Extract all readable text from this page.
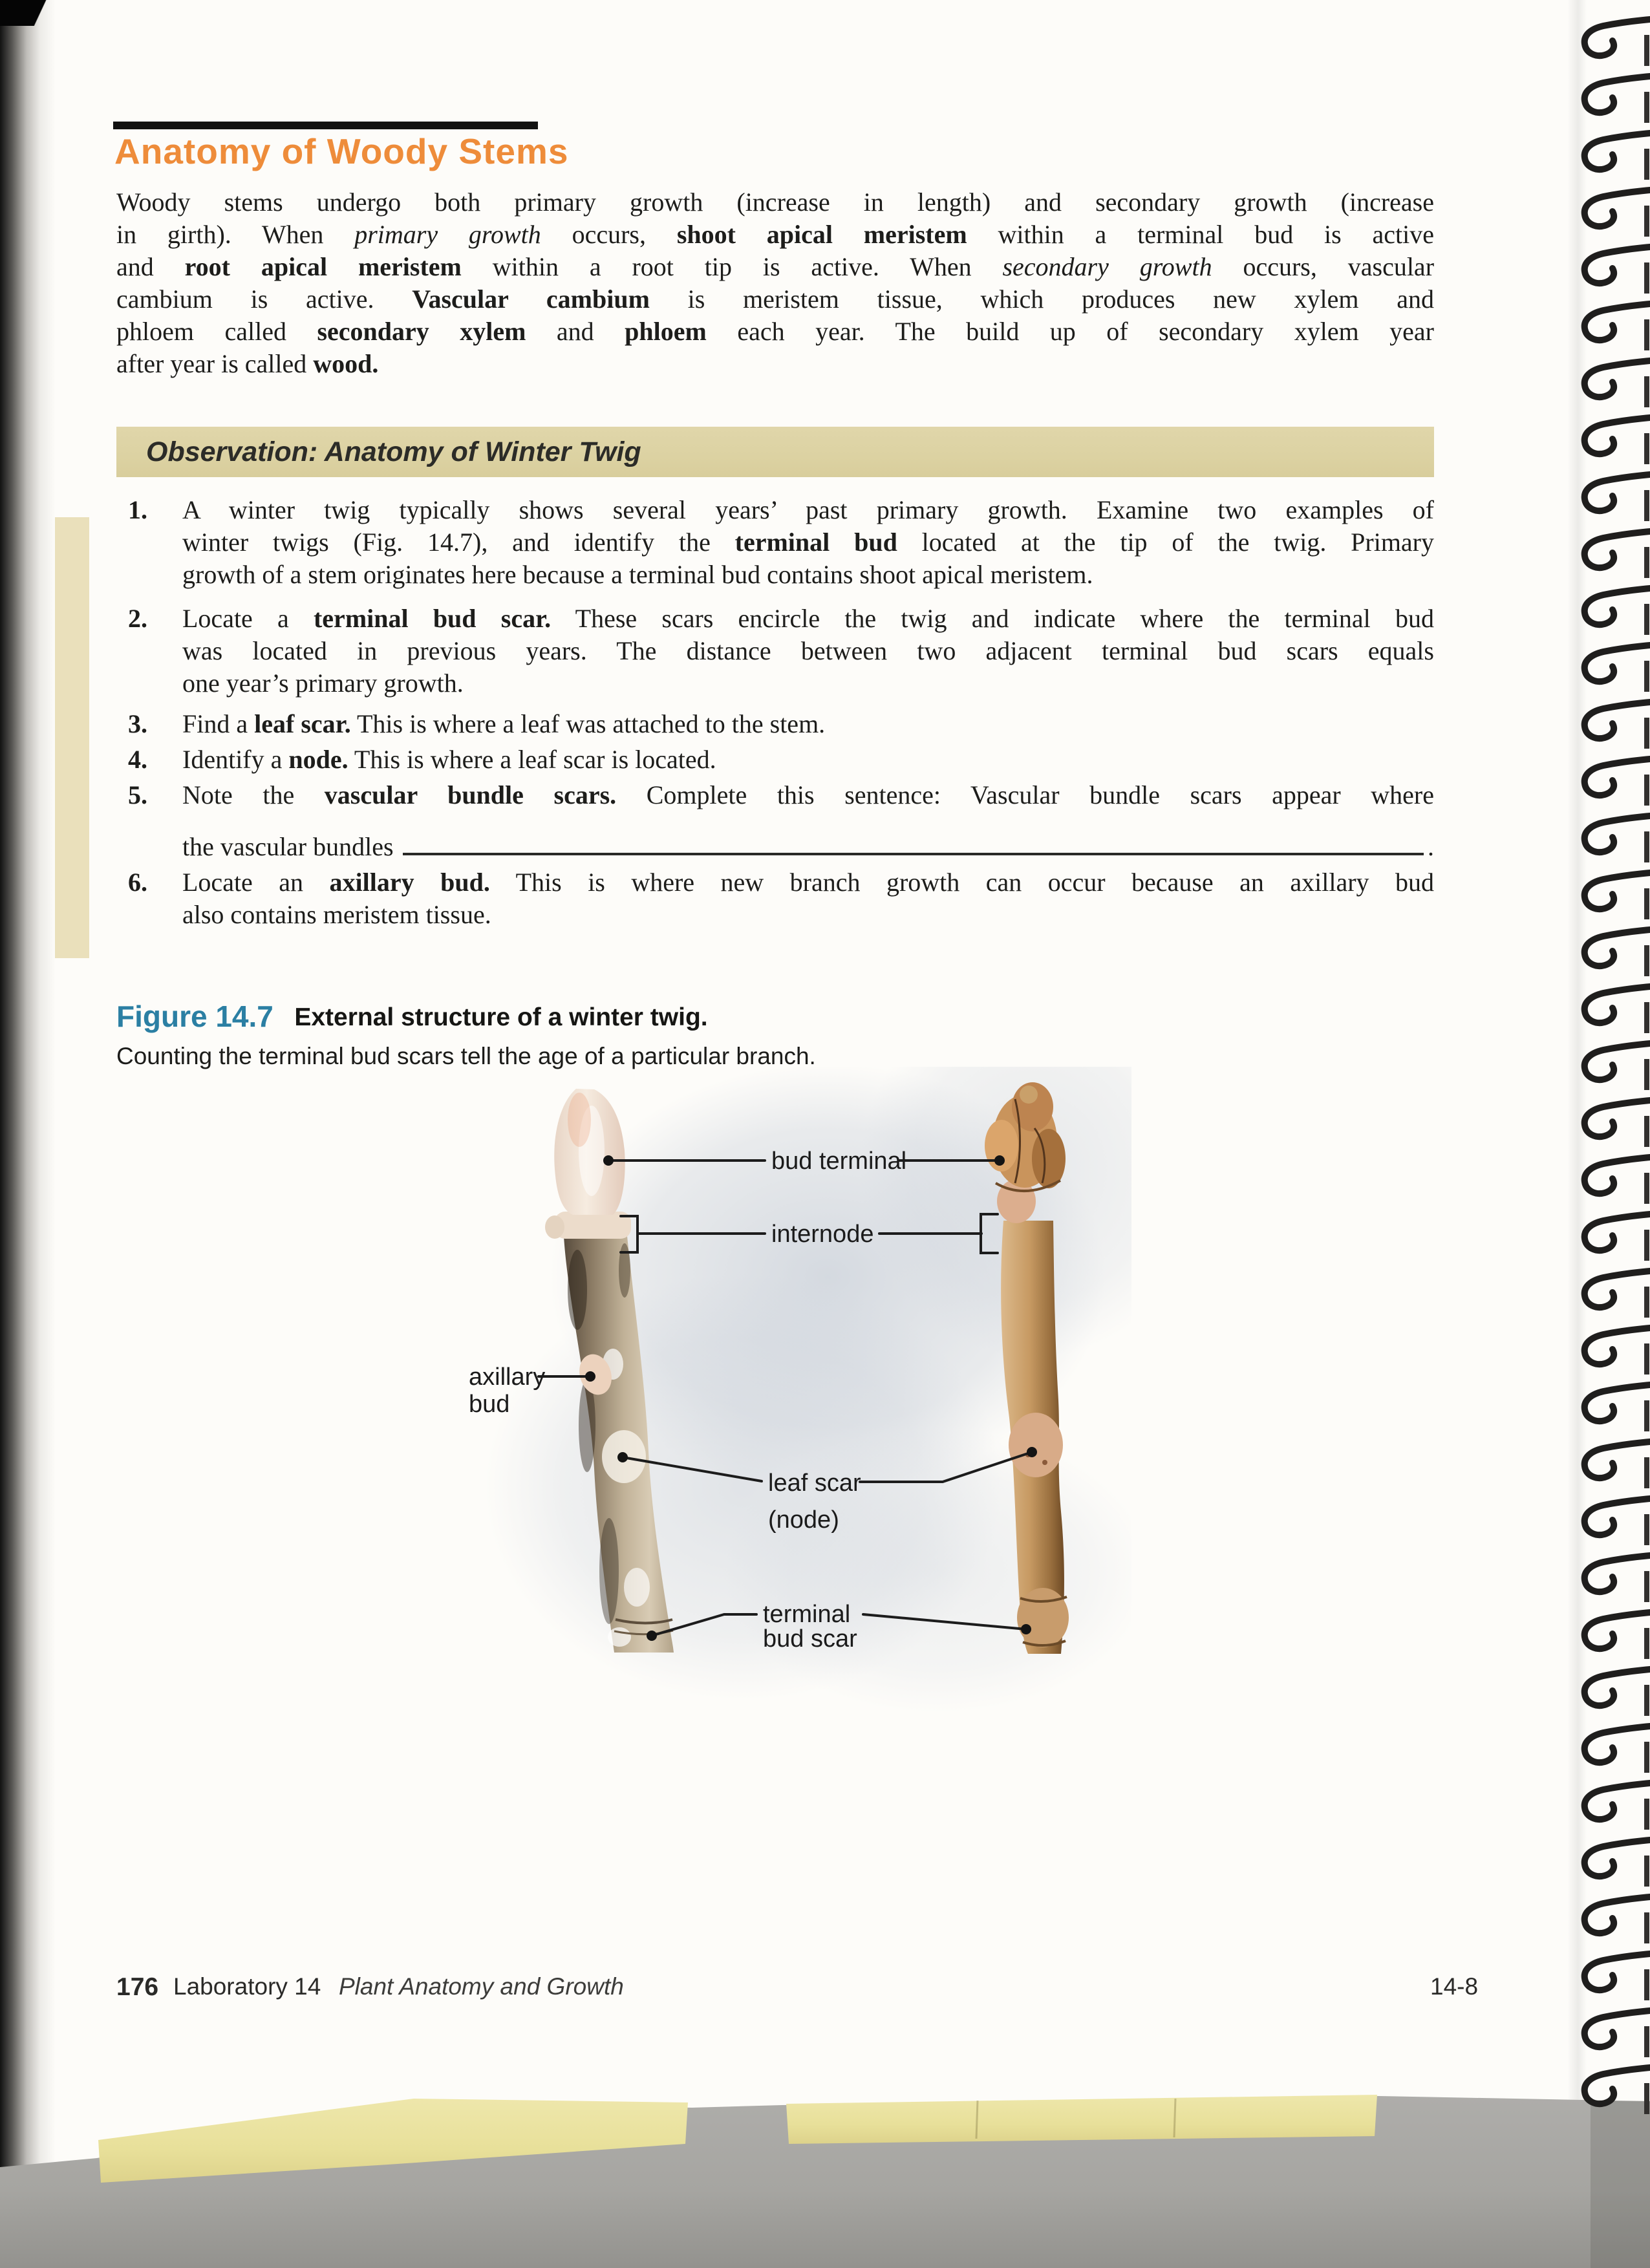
Anatomy of Woody Stems
Woody stems undergo both primary growth (increase in length) and secondary growth (increase
in girth). When primary growth occurs, shoot apical meristem within a terminal bud is active
and root apical meristem within a root tip is active. When secondary growth occurs, vascular
cambium is active. Vascular cambium is meristem tissue, which produces new xylem and
phloem called secondary xylem and phloem each year. The build up of secondary xylem year
after year is called wood.
Observation: Anatomy of Winter Twig
1. A winter twig typically shows several years’ past primary growth. Examine two examples of
winter twigs (Fig. 14.7), and identify the terminal bud located at the tip of the twig. Primary
growth of a stem originates here because a terminal bud contains shoot apical meristem.
2. Locate a terminal bud scar. These scars encircle the twig and indicate where the terminal bud
was located in previous years. The distance between two adjacent terminal bud scars equals
one year’s primary growth.
3. Find a leaf scar. This is where a leaf was attached to the stem.
4. Identify a node. This is where a leaf scar is located.
5. Note the vascular bundle scars. Complete this sentence: Vascular bundle scars appear where
6. Locate an axillary bud. This is where new branch growth can occur because an axillary bud
also contains meristem tissue.
the vascular bundles	.
Figure 14.7 External structure of a winter twig.
Counting the terminal bud scars tell the age of a particular branch.
bud terminal
internode
axillary
bud
leaf scar
(node)
terminal
bud scar
176 Laboratory 14 Plant Anatomy and Growth	14-8
